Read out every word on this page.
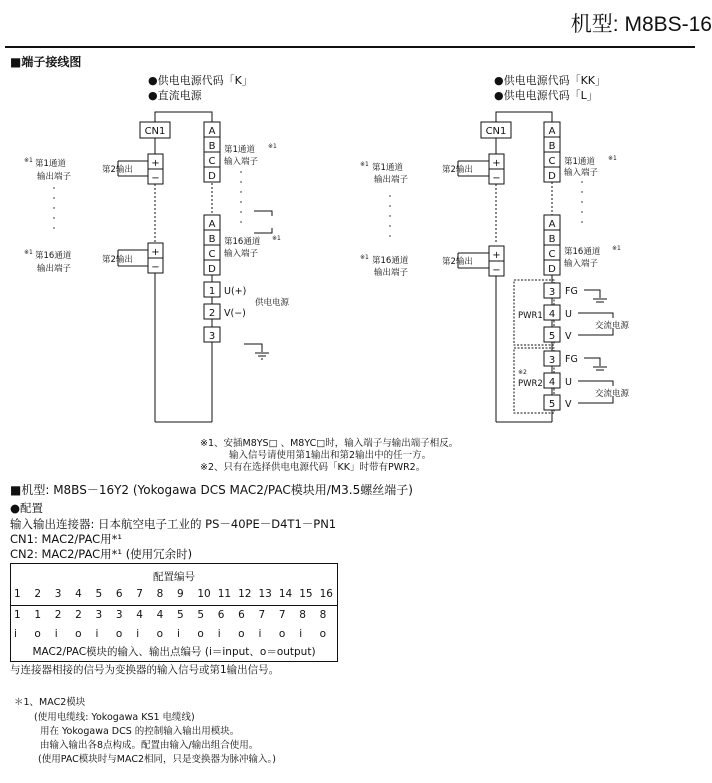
机型: M8BS-16
■端子接线图
●供电电源代码「K」
●直流电源
CN1
+
−
+
−
A
B
C
D
A
B
C
D
1
2
3
第2输出
第2输出
第1通道 ※1
输入端子
第16通道 ※1
输入端子
※1 第1通道
输出端子
※1 第16通道
输出端子
U(+)
V(−)
供电电源
●供电电源代码「KK」
●供电电源代码「L」
CN1
+
−
+
−
A
B
C
D
A
B
C
D
3
4
5
3
4
5
第2输出
第2输出
第1通道 ※1
输入端子
第16通道 ※1
输入端子
※1 第1通道
输出端子
※1 第16通道
输出端子
PWR1
※2
PWR2
FG
U
V
FG
U
V
交流电源
交流电源
※1、安插M8YS□ 、M8YC□时，输入端子与输出端子相反。
输入信号请使用第1输出和第2输出中的任一方。
※2、只有在选择供电电源代码「KK」时带有PWR2。
■机型: M8BS－16Y2 (Yokogawa DCS MAC2/PAC模块用/M3.5螺丝端子)
●配置
输入输出连接器: 日本航空电子工业的 PS－40PE－D4T1－PN1
CN1: MAC2/PAC用*¹
CN2: MAC2/PAC用*¹ (使用冗余时)
配置编号
1	2	3	4	5	6	7	8	9	10 11 12 13 14 15 16
1	1	2	2	3	3	4	4	5	5	6	6	7	7	8	8
i	o	i	o	i	o	i	o	i	o	i	o	i	o	i	o
MAC2/PAC模块的输入、输出点编号 (i＝input、o＝output)
与连接器相接的信号为变换器的输入信号或第1输出信号。
＊1、MAC2模块
(使用电缆线: Yokogawa KS1 电缆线)
用在 Yokogawa DCS 的控制输入输出用模块。
由输入输出各8点构成。配置由输入/输出组合使用。
(使用PAC模块时与MAC2相同，只是变换器为脉冲输入。)
